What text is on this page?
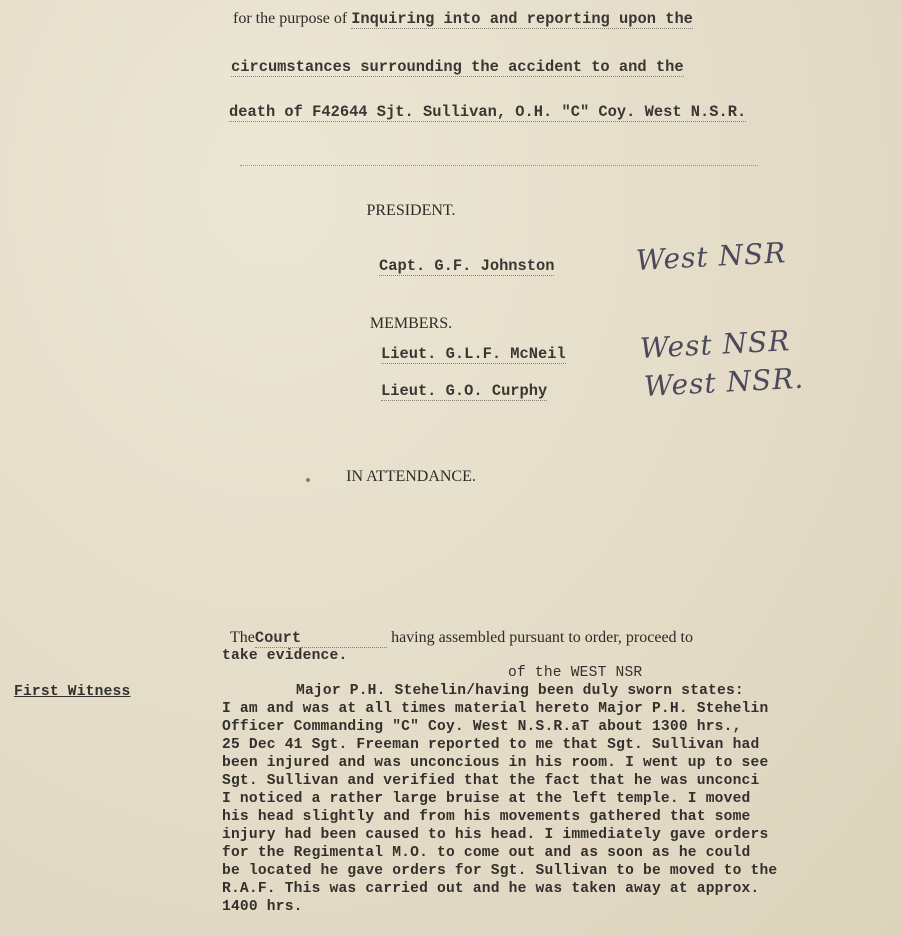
for the purpose of Inquiring into and reporting upon the
circumstances surrounding the accident to and the
death of F42644 Sjt. Sullivan, O.H. "C" Coy. West N.S.R.
PRESIDENT.
Capt. G.F. Johnston	West NSR
MEMBERS.
Lieut. G.L.F. McNeil	West NSR
Lieut. G.O. Curphy	West NSR.
IN ATTENDANCE.
TheCourt	having assembled pursuant to order, proceed to
take evidence.
of the WEST NSR
First Witness	Major P.H. Stehelin/having been duly sworn states:
I am and was at all times material hereto Major P.H. Stehelin
Officer Commanding "C" Coy. West N.S.R.aT about 1300 hrs.,
25 Dec 41 Sgt. Freeman reported to me that Sgt. Sullivan had
been injured and was unconcious in his room. I went up to see
Sgt. Sullivan and verified that the fact that he was unconci
I noticed a rather large bruise at the left temple. I moved
his head slightly and from his movements gathered that some
injury had been caused to his head. I immediately gave orders
for the Regimental M.O. to come out and as soon as he could
be located he gave orders for Sgt. Sullivan to be moved to the
R.A.F. This was carried out and he was taken away at approx.
1400 hrs.
